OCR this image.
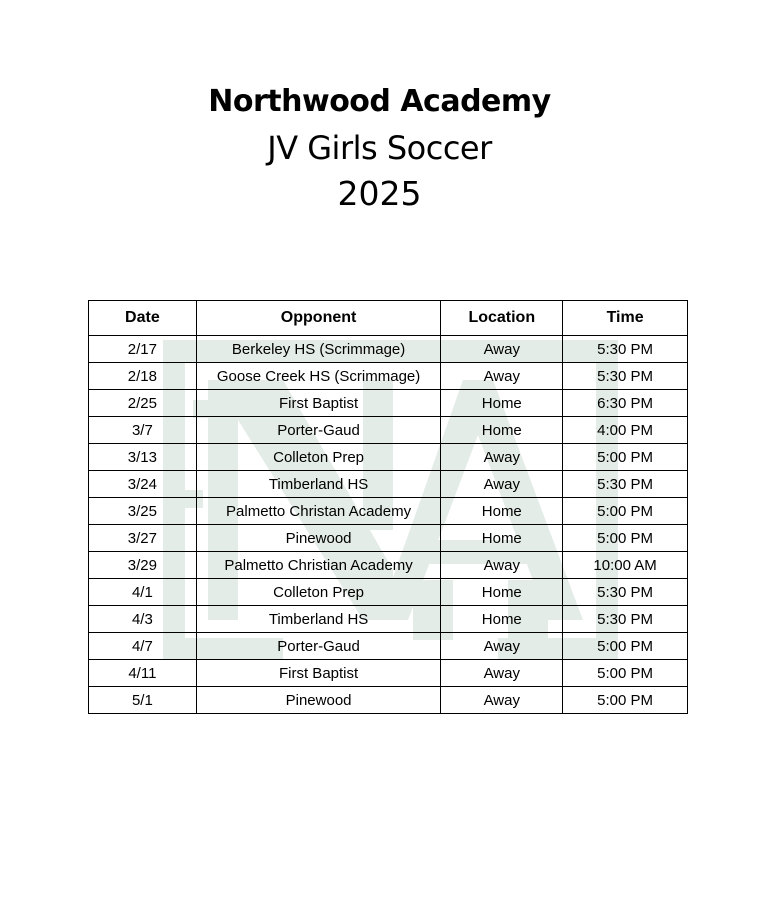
Northwood Academy
JV Girls Soccer
2025
Date	Opponent	Location	Time
2/17	Berkeley HS (Scrimmage)	Away	5:30 PM
2/18	Goose Creek HS (Scrimmage)	Away	5:30 PM
2/25	First Baptist	Home	6:30 PM
3/7	Porter-Gaud	Home	4:00 PM
3/13	Colleton Prep	Away	5:00 PM
3/24	Timberland HS	Away	5:30 PM
3/25	Palmetto Christan Academy	Home	5:00 PM
3/27	Pinewood	Home	5:00 PM
3/29	Palmetto Christian Academy	Away	10:00 AM
4/1	Colleton Prep	Home	5:30 PM
4/3	Timberland HS	Home	5:30 PM
4/7	Porter-Gaud	Away	5:00 PM
4/11	First Baptist	Away	5:00 PM
5/1	Pinewood	Away	5:00 PM
